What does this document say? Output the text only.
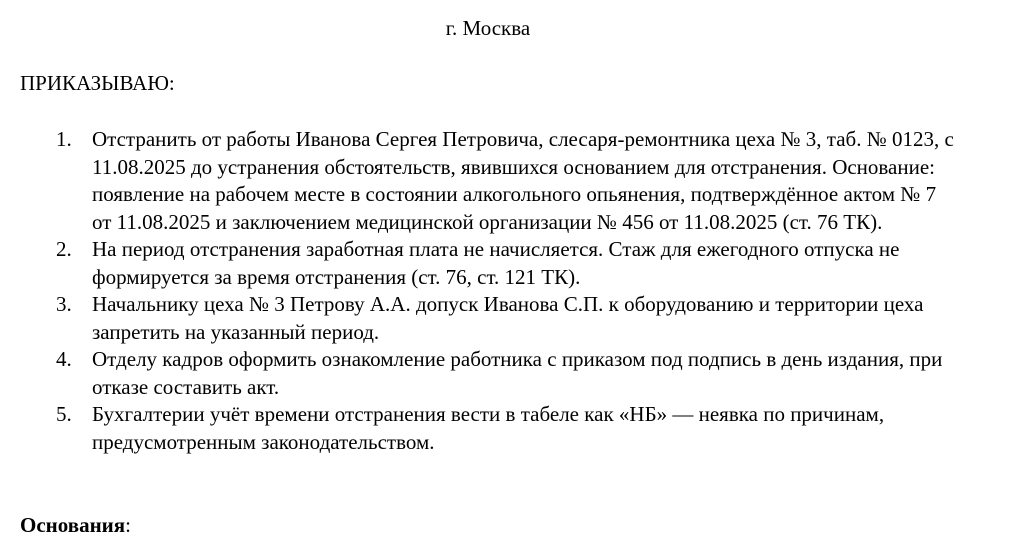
г. Москва
ПРИКАЗЫВАЮ:
1. Отстранить от работы Иванова Сергея Петровича, слесаря-ремонтника цеха № 3, таб. № 0123, с 11.08.2025 до устранения обстоятельств, явившихся основанием для отстранения. Основание: появление на рабочем месте в состоянии алкогольного опьянения, подтверждённое актом № 7 от 11.08.2025 и заключением медицинской организации № 456 от 11.08.2025 (ст. 76 ТК).
2. На период отстранения заработная плата не начисляется. Стаж для ежегодного отпуска не формируется за время отстранения (ст. 76, ст. 121 ТК).
3. Начальнику цеха № 3 Петрову А.А. допуск Иванова С.П. к оборудованию и территории цеха запретить на указанный период.
4. Отделу кадров оформить ознакомление работника с приказом под подпись в день издания, при отказе составить акт.
5. Бухгалтерии учёт времени отстранения вести в табеле как «НБ» — неявка по причинам, предусмотренным законодательством.
Основания:
